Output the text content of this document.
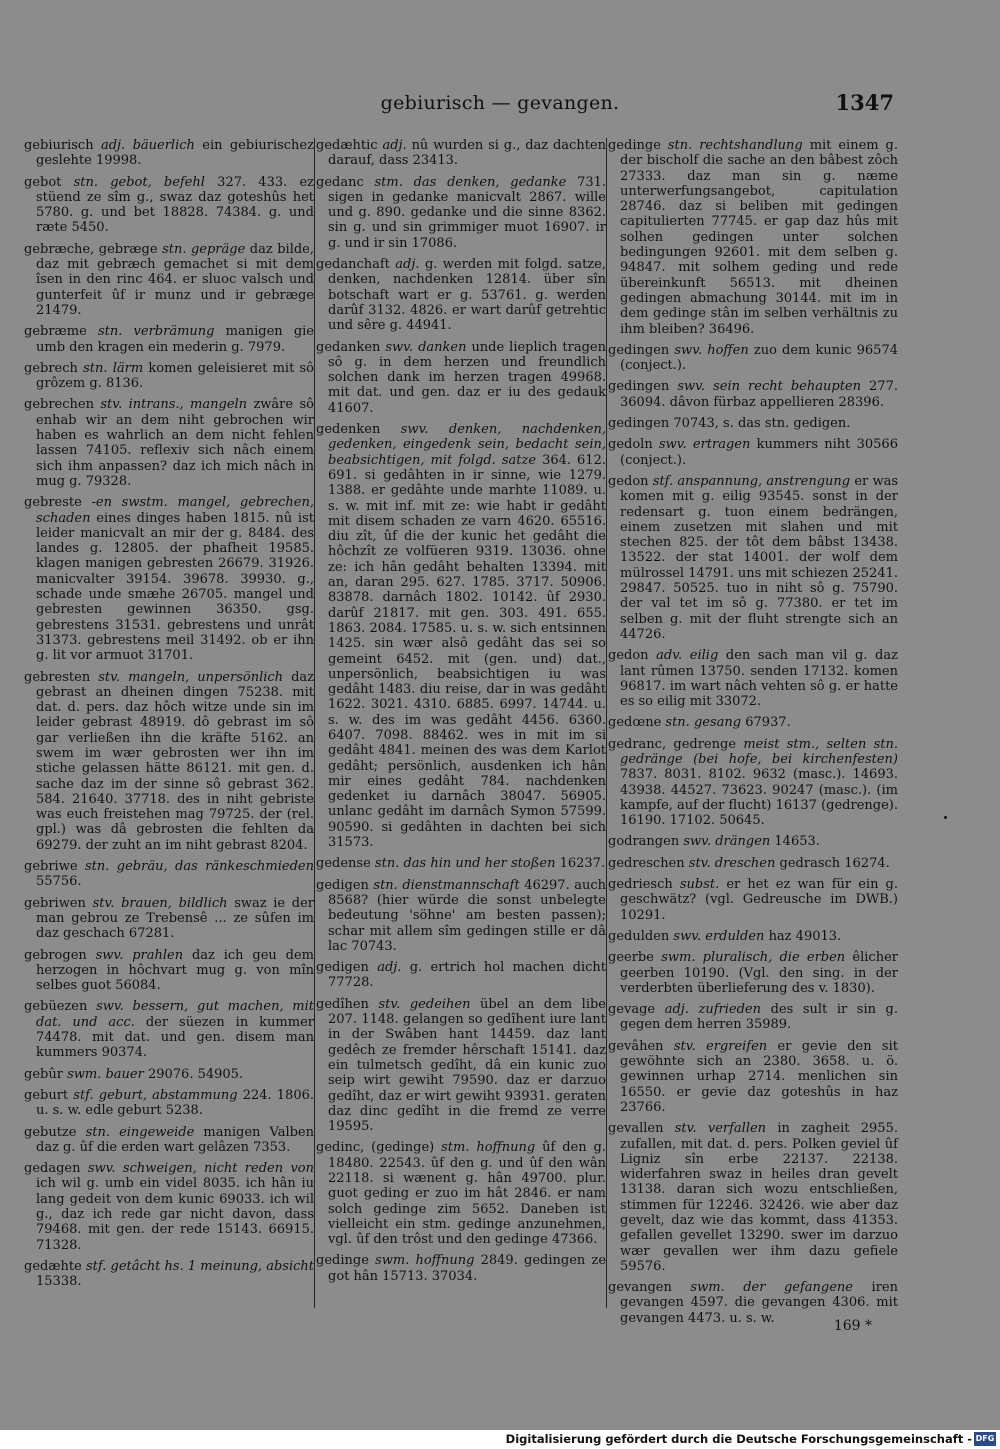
gebiurisch — gevangen.	1347

gebiurisch adj. bäuerlich ein gebiurischez geslehte 19998.

gebot stn. gebot, befehl 327. 433. ez stüend ze sîm g., swaz daz goteshûs het 5780. g. und bet 18828. 74384. g. und ræte 5450.

gebræche, gebræge stn. gepräge daz bilde, daz mit gebræch gemachet si mit dem îsen in den rinc 464. er sluoc valsch und gunterfeit ûf ir munz und ir gebræge 21479.

gebræme stn. verbrämung manigen gie umb den kragen ein mederin g. 7979.

gebrech stn. lärm komen geleisieret mit sô grôzem g. 8136.

gebrechen stv. intrans., mangeln zwâre sô enhab wir an dem niht gebrochen wir haben es wahrlich an dem nicht fehlen lassen 74105. reflexiv sich nâch einem sich ihm anpassen? daz ich mich nâch in mug g. 79328.

gebreste -en swstm. mangel, gebrechen, schaden eines dinges haben 1815. nû ist leider manicvalt an mir der g. 8484. des landes g. 12805. der phafheit 19585. klagen manigen gebresten 26679. 31926. manicvalter 39154. 39678. 39930. g., schade unde smæhe 26705. mangel und gebresten gewinnen 36350. gsg. gebrestens 31531. gebrestens und unrât 31373. gebrestens meil 31492. ob er ihn g. lit vor armuot 31701.

gebresten stv. mangeln, unpersönlich daz gebrast an dheinen dingen 75238. mit dat. d. pers. daz hôch witze unde sin im leider gebrast 48919. dô gebrast im sô gar verließen ihn die kräfte 5162. an swem im wær gebrosten wer ihn im stiche gelassen hätte 86121. mit gen. d. sache daz im der sinne sô gebrast 362. 584. 21640. 37718. des in niht gebriste was euch freistehen mag 79725. der (rel. gpl.) was dâ gebrosten die fehlten da 69279. der zuht an im niht gebrast 8204.

gebriwe stn. gebräu, das ränkeschmieden 55756.

gebriwen stv. brauen, bildlich swaz ie der man gebrou ze Trebensê ... ze sûfen im daz geschach 67281.

gebrogen swv. prahlen daz ich geu dem herzogen in hôchvart mug g. von mîn selbes guot 56084.

gebüezen swv. bessern, gut machen, mit dat. und acc. der süezen in kummer 74478. mit dat. und gen. disem man kummers 90374.

gebûr swm. bauer 29076. 54905.

geburt stf. geburt, abstammung 224. 1806. u. s. w. edle geburt 5238.

gebutze stn. eingeweide manigen Valben daz g. ûf die erden wart gelâzen 7353.

gedagen swv. schweigen, nicht reden von ich wil g. umb ein videl 8035. ich hân iu lang gedeit von dem kunic 69033. ich wil g., daz ich rede gar nicht davon, dass 79468. mit gen. der rede 15143. 66915. 71328.

gedæhte stf. getâcht hs. 1 meinung, absicht 15338.

gedæhtic adj. nû wurden si g., daz dachten darauf, dass 23413.

gedanc stm. das denken, gedanke 731. sigen in gedanke manicvalt 2867. wille und g. 890. gedanke und die sinne 8362. sin g. und sin grimmiger muot 16907. ir g. und ir sin 17086.

gedanchaft adj. g. werden mit folgd. satze, denken, nachdenken 12814. über sîn botschaft wart er g. 53761. g. werden darûf 3132. 4826. er wart darûf getrehtic und sêre g. 44941.

gedanken swv. danken unde lieplich tragen sô g. in dem herzen und freundlich solchen dank im herzen tragen 49968. mit dat. und gen. daz er iu des gedauk 41607.

gedenken swv. denken, nachdenken, gedenken, eingedenk sein, bedacht sein, beabsichtigen, mit folgd. satze 364. 612. 691. si gedâhten in ir sinne, wie 1279. 1388. er gedâhte unde marhte 11089. u. s. w. mit inf. mit ze: wie habt ir gedâht mit disem schaden ze varn 4620. 65516. diu zît, ûf die der kunic het gedâht die hôchzît ze volfüeren 9319. 13036. ohne ze: ich hân gedâht behalten 13394. mit an, daran 295. 627. 1785. 3717. 50906. 83878. darnâch 1802. 10142. ûf 2930. darûf 21817. mit gen. 303. 491. 655. 1863. 2084. 17585. u. s. w. sich entsinnen 1425. sin wær alsô gedâht das sei so gemeint 6452. mit (gen. und) dat., unpersönlich, beabsichtigen iu was gedâht 1483. diu reise, dar in was gedâht 1622. 3021. 4310. 6885. 6997. 14744. u. s. w. des im was gedâht 4456. 6360. 6407. 7098. 88462. wes in mit im si gedâht 4841. meinen des was dem Karlot gedâht; persönlich, ausdenken ich hân mir eines gedâht 784. nachdenken gedenket iu darnâch 38047. 56905. unlanc gedâht im darnâch Symon 57599. 90590. si gedâhten in dachten bei sich 31573.

gedense stn. das hin und her stoßen 16237.

gedigen stn. dienstmannschaft 46297. auch 8568? (hier würde die sonst unbelegte bedeutung 'söhne' am besten passen); schar mit allem sîm gedingen stille er dâ lac 70743.

gedigen adj. g. ertrich hol machen dicht 77728.

gedîhen stv. gedeihen übel an dem libe 207. 1148. gelangen so gedîhent iure lant in der Swâben hant 14459. daz lant gedêch ze fremder hêrschaft 15141. daz ein tulmetsch gedîht, dâ ein kunic zuo seip wirt gewiht 79590. daz er darzuo gedîht, daz er wirt gewiht 93931. geraten daz dinc gedîht in die fremd ze verre 19595.

gedinc, (gedinge) stm. hoffnung ûf den g. 18480. 22543. ûf den g. und ûf den wân 22118. si wænent g. hân 49700. plur. guot geding er zuo im hât 2846. er nam solch gedinge zim 5652. Daneben ist vielleicht ein stm. gedinge anzunehmen, vgl. ûf den trôst und den gedinge 47366.

gedinge swm. hoffnung 2849. gedingen ze got hân 15713. 37034.

gedinge stn. rechtshandlung mit einem g. der bischolf die sache an den bâbest zôch 27333. daz man sin g. næme unterwerfungsangebot, capitulation 28746. daz si beliben mit gedingen capitulierten 77745. er gap daz hûs mit solhen gedingen unter solchen bedingungen 92601. mit dem selben g. 94847. mit solhem geding und rede übereinkunft 56513. mit dheinen gedingen abmachung 30144. mit im in dem gedinge stân im selben verhältnis zu ihm bleiben? 36496.

gedingen swv. hoffen zuo dem kunic 96574 (conject.).

gedingen swv. sein recht behaupten 277. 36094. dâvon fürbaz appellieren 28396.

gedingen 70743, s. das stn. gedigen.

gedoln swv. ertragen kummers niht 30566 (conject.).

gedon stf. anspannung, anstrengung er was komen mit g. eilig 93545. sonst in der redensart g. tuon einem bedrängen, einem zusetzen mit slahen und mit stechen 825. der tôt dem bâbst 13438. 13522. der stat 14001. der wolf dem mülrossel 14791. uns mit schiezen 25241. 29847. 50525. tuo in niht sô g. 75790. der val tet im sô g. 77380. er tet im selben g. mit der fluht strengte sich an 44726.

gedon adv. eilig den sach man vil g. daz lant rûmen 13750. senden 17132. komen 96817. im wart nâch vehten sô g. er hatte es so eilig mit 33072.

gedœne stn. gesang 67937.

gedranc, gedrenge meist stm., selten stn. gedränge (bei hofe, bei kirchenfesten) 7837. 8031. 8102. 9632 (masc.). 14693. 43938. 44527. 73623. 90247 (masc.). (im kampfe, auf der flucht) 16137 (gedrenge). 16190. 17102. 50645.

godrangen swv. drängen 14653.

gedreschen stv. dreschen gedrasch 16274.

gedriesch subst. er het ez wan für ein g. geschwätz? (vgl. Gedreusche im DWB.) 10291.

gedulden swv. erdulden haz 49013.

geerbe swm. pluralisch, die erben êlicher geerben 10190. (Vgl. den sing. in der verderbten überlieferung des v. 1830).

gevage adj. zufrieden des sult ir sin g. gegen dem herren 35989.

gevâhen stv. ergreifen er gevie den sit gewöhnte sich an 2380. 3658. u. ö. gewinnen urhap 2714. menlichen sin 16550. er gevie daz goteshûs in haz 23766.

gevallen stv. verfallen in zagheit 2955. zufallen, mit dat. d. pers. Polken geviel ûf Ligniz sîn erbe 22137. 22138. widerfahren swaz in heiles dran gevelt 13138. daran sich wozu entschließen, stimmen für 12246. 32426. wie aber daz gevelt, daz wie das kommt, dass 41353. gefallen gevellet 13290. swer im darzuo wær gevallen wer ihm dazu gefiele 59576.

gevangen swm. der gefangene iren gevangen 4597. die gevangen 4306. mit gevangen 4473. u. s. w.	169 *
Digitalisierung gefördert durch die Deutsche Forschungsgemeinschaft - DFG
